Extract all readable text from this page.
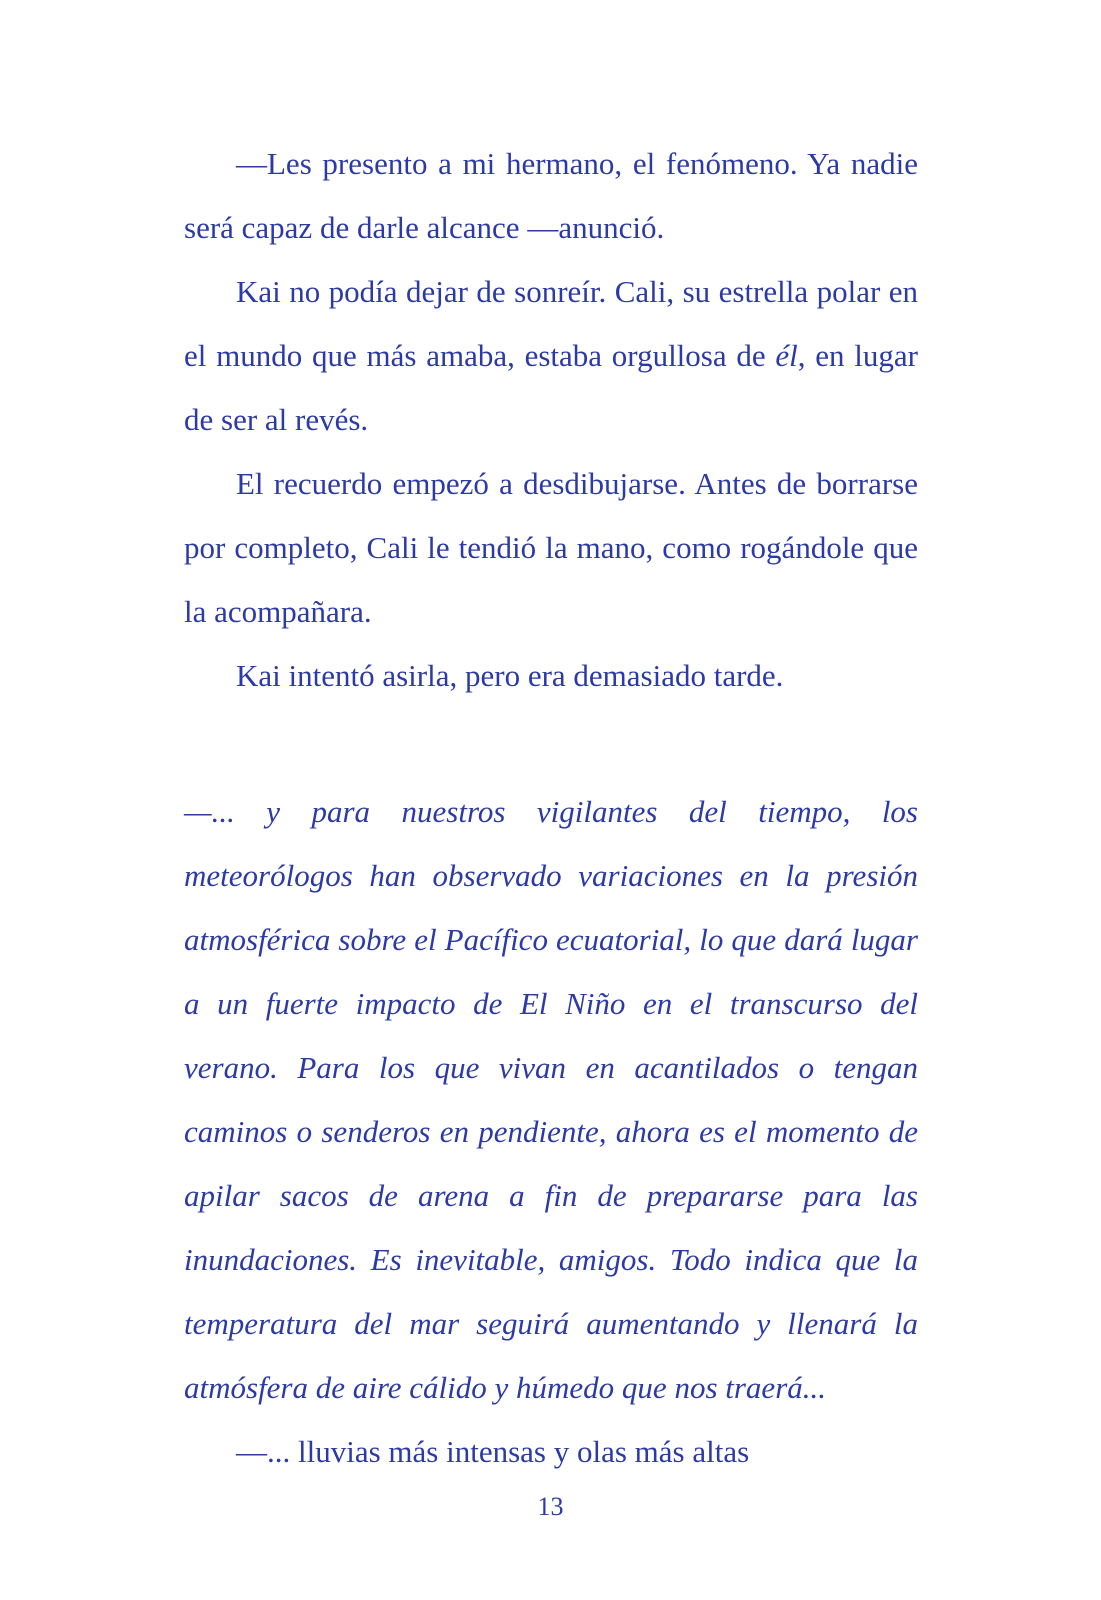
—Les presento a mi hermano, el fenómeno. Ya nadie será capaz de darle alcance —anunció.

Kai no podía dejar de sonreír. Cali, su estrella polar en el mundo que más amaba, estaba orgullosa de él, en lugar de ser al revés.

El recuerdo empezó a desdibujarse. Antes de borrarse por completo, Cali le tendió la mano, como rogándole que la acompañara.

Kai intentó asirla, pero era demasiado tarde.

—... y para nuestros vigilantes del tiempo, los meteorólogos han observado variaciones en la presión atmosférica sobre el Pacífico ecuatorial, lo que dará lugar a un fuerte impacto de El Niño en el transcurso del verano. Para los que vivan en acantilados o tengan caminos o senderos en pendiente, ahora es el momento de apilar sacos de arena a fin de prepararse para las inundaciones. Es inevitable, amigos. Todo indica que la temperatura del mar seguirá aumentando y llenará la atmósfera de aire cálido y húmedo que nos traerá...

—... lluvias más intensas y olas más altas

13
